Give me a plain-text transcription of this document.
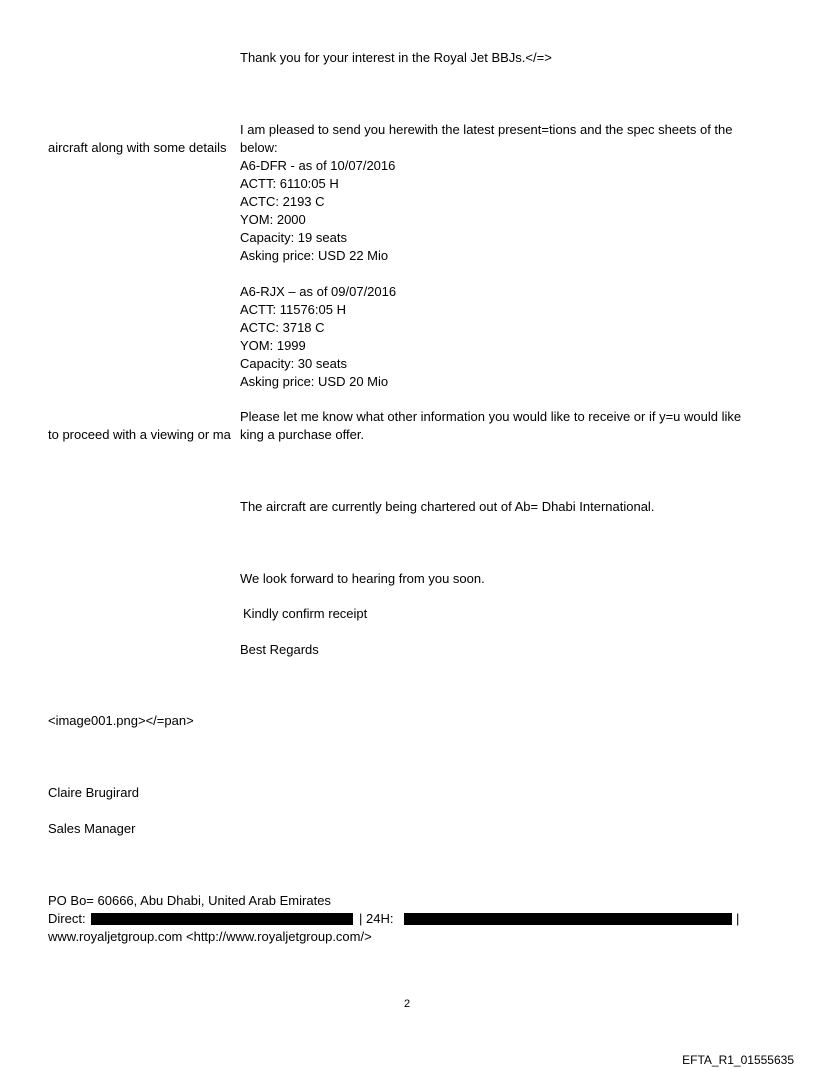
Thank you for your interest in the Royal Jet BBJs.</=>
I am pleased to send you herewith the latest present=tions and the spec sheets of the
aircraft along with some details below:
A6-DFR - as of 10/07/2016
ACTT: 6110:05 H
ACTC: 2193 C
YOM: 2000
Capacity: 19 seats
Asking price: USD 22 Mio
A6-RJX – as of 09/07/2016
ACTT: 11576:05 H
ACTC: 3718 C
YOM: 1999
Capacity: 30 seats
Asking price: USD 20 Mio
Please let me know what other information you would like to receive or if y=u would like
to proceed with a viewing or ma king a purchase offer.
The aircraft are currently being chartered out of Ab= Dhabi International.
We look forward to hearing from you soon.
Kindly confirm receipt
Best Regards
<image001.png></=pan>
Claire Brugirard
Sales Manager
PO Bo= 60666, Abu Dhabi, United Arab Emirates
Direct:	| 24H:	|
www.royaljetgroup.com <http://www.royaljetgroup.com/>
2
EFTA_R1_01555635
